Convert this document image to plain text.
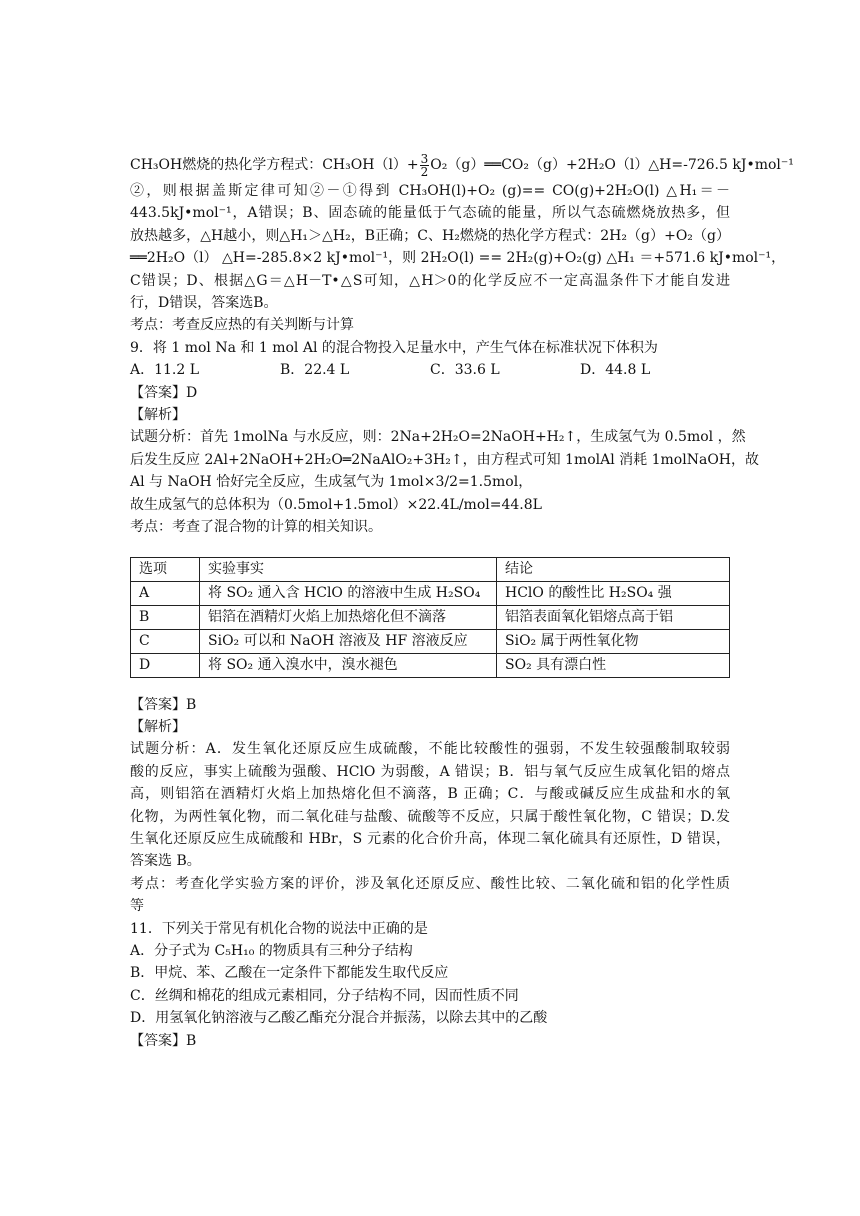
CH₃OH燃烧的热化学方程式：$CH_3OH(l)+ \frac{3}{2}$ O₂（g）══CO₂（g）+2H₂O（l）△H=-726.5 kJ•mol⁻¹
②，则根据盖斯定律可知②－①得到 CH₃OH(l)+O₂ (g)== CO(g)+2H₂O(l) △H₁＝－
443.5kJ•mol⁻¹，A错误；B、固态硫的能量低于气态硫的能量，所以气态硫燃烧放热多，但
放热越多，△H越小，则△H₁＞△H₂，B正确；C、H₂燃烧的热化学方程式：2H₂（g）+O₂（g）
══2H₂O（l） △H=-285.8×2 kJ•mol⁻¹，则 2H₂O(l) == 2H₂(g)+O₂(g) △H₁ ＝+571.6 kJ•mol⁻¹，
C错误；D、根据△G＝△H－T•△S可知，△H＞0的化学反应不一定高温条件下才能自发进
行，D错误，答案选B。
考点：考查反应热的有关判断与计算
9．将 1 mol Na 和 1 mol Al 的混合物投入足量水中，产生气体在标准状况下体积为
A．11.2 L	B．22.4 L	C．33.6 L	D．44.8 L
【答案】D
【解析】
试题分析：首先 1molNa 与水反应，则：2Na+2H₂O=2NaOH+H₂↑，生成氢气为 0.5mol ，然
后发生反应 2Al+2NaOH+2H₂O═2NaAlO₂+3H₂↑，由方程式可知 1molAl 消耗 1molNaOH，故
Al 与 NaOH 恰好完全反应，生成氢气为 1mol×3/2=1.5mol，
故生成氢气的总体积为（0.5mol+1.5mol）×22.4L/mol=44.8L
考点：考查了混合物的计算的相关知识。
选项	实验事实	结论
A	将 SO₂ 通入含 HClO 的溶液中生成 H₂SO₄	HClO 的酸性比 H₂SO₄ 强
B	铝箔在酒精灯火焰上加热熔化但不滴落	铝箔表面氧化铝熔点高于铝
C	SiO₂ 可以和 NaOH 溶液及 HF 溶液反应	SiO₂ 属于两性氧化物
D	将 SO₂ 通入溴水中，溴水褪色	SO₂ 具有漂白性
【答案】B
【解析】
试题分析：A．发生氧化还原反应生成硫酸，不能比较酸性的强弱，不发生较强酸制取较弱
酸的反应，事实上硫酸为强酸、HClO 为弱酸，A 错误；B．铝与氧气反应生成氧化铝的熔点
高，则铝箔在酒精灯火焰上加热熔化但不滴落，B 正确；C．与酸或碱反应生成盐和水的氧
化物，为两性氧化物，而二氧化硅与盐酸、硫酸等不反应，只属于酸性氧化物，C 错误；D.发
生氧化还原反应生成硫酸和 HBr，S 元素的化合价升高，体现二氧化硫具有还原性，D 错误，
答案选 B。
考点：考查化学实验方案的评价，涉及氧化还原反应、酸性比较、二氧化硫和铝的化学性质
等
11．下列关于常见有机化合物的说法中正确的是
A．分子式为 C₅H₁₀ 的物质具有三种分子结构
B．甲烷、苯、乙酸在一定条件下都能发生取代反应
C．丝绸和棉花的组成元素相同，分子结构不同，因而性质不同
D．用氢氧化钠溶液与乙酸乙酯充分混合并振荡，以除去其中的乙酸
【答案】B
